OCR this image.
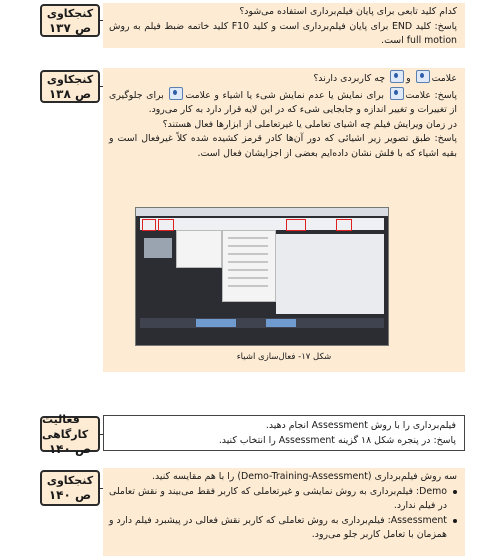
کنجکاوی
ص ۱۳۷

کدام کلید تابعی برای پایان فیلم‌برداری استفاده می‌شود؟

پاسخ: کلید END برای پایان فیلم‌برداری است و کلید F10 کلید خاتمه ضبط فیلم به روش full motion است.

کنجکاوی
ص ۱۳۸

علامت و چه کاربردی دارند؟

پاسخ: علامت برای نمایش یا عدم نمایش شیء یا اشیاء و علامت برای جلوگیری از تغییرات و تغییر اندازه و جابجایی شیء که در این لایه قرار دارد به کار می‌رود.

در زمان ویرایش فیلم چه اشیای تعاملی یا غیرتعاملی از ابزارها فعال هستند؟

پاسخ: طبق تصویر زیر اشیائی که دور آن‌ها کادر قرمز کشیده شده کلاً غیرفعال است و بقیه اشیاء که با فلش نشان داده‌ایم بعضی از اجزایشان فعال است.

شکل ۱۷- فعال‌سازی اشیاء
فعالیت کارگاهی
ص ۱۴۰

فیلم‌برداری را با روش Assessment انجام دهید.

پاسخ: در پنجره شکل ۱۸ گزینه Assessment را انتخاب کنید.

کنجکاوی
ص ۱۴۰

سه روش فیلم‌برداری (Demo-Training-Assessment) را با هم مقایسه کنید.

Demo: فیلم‌برداری به روش نمایشی و غیرتعاملی که کاربر فقط می‌بیند و نقش تعاملی در فیلم ندارد.

Assessment: فیلم‌برداری به روش تعاملی که کاربر نقش فعالی در پیشبرد فیلم دارد و همزمان با تعامل کاربر جلو می‌رود.
